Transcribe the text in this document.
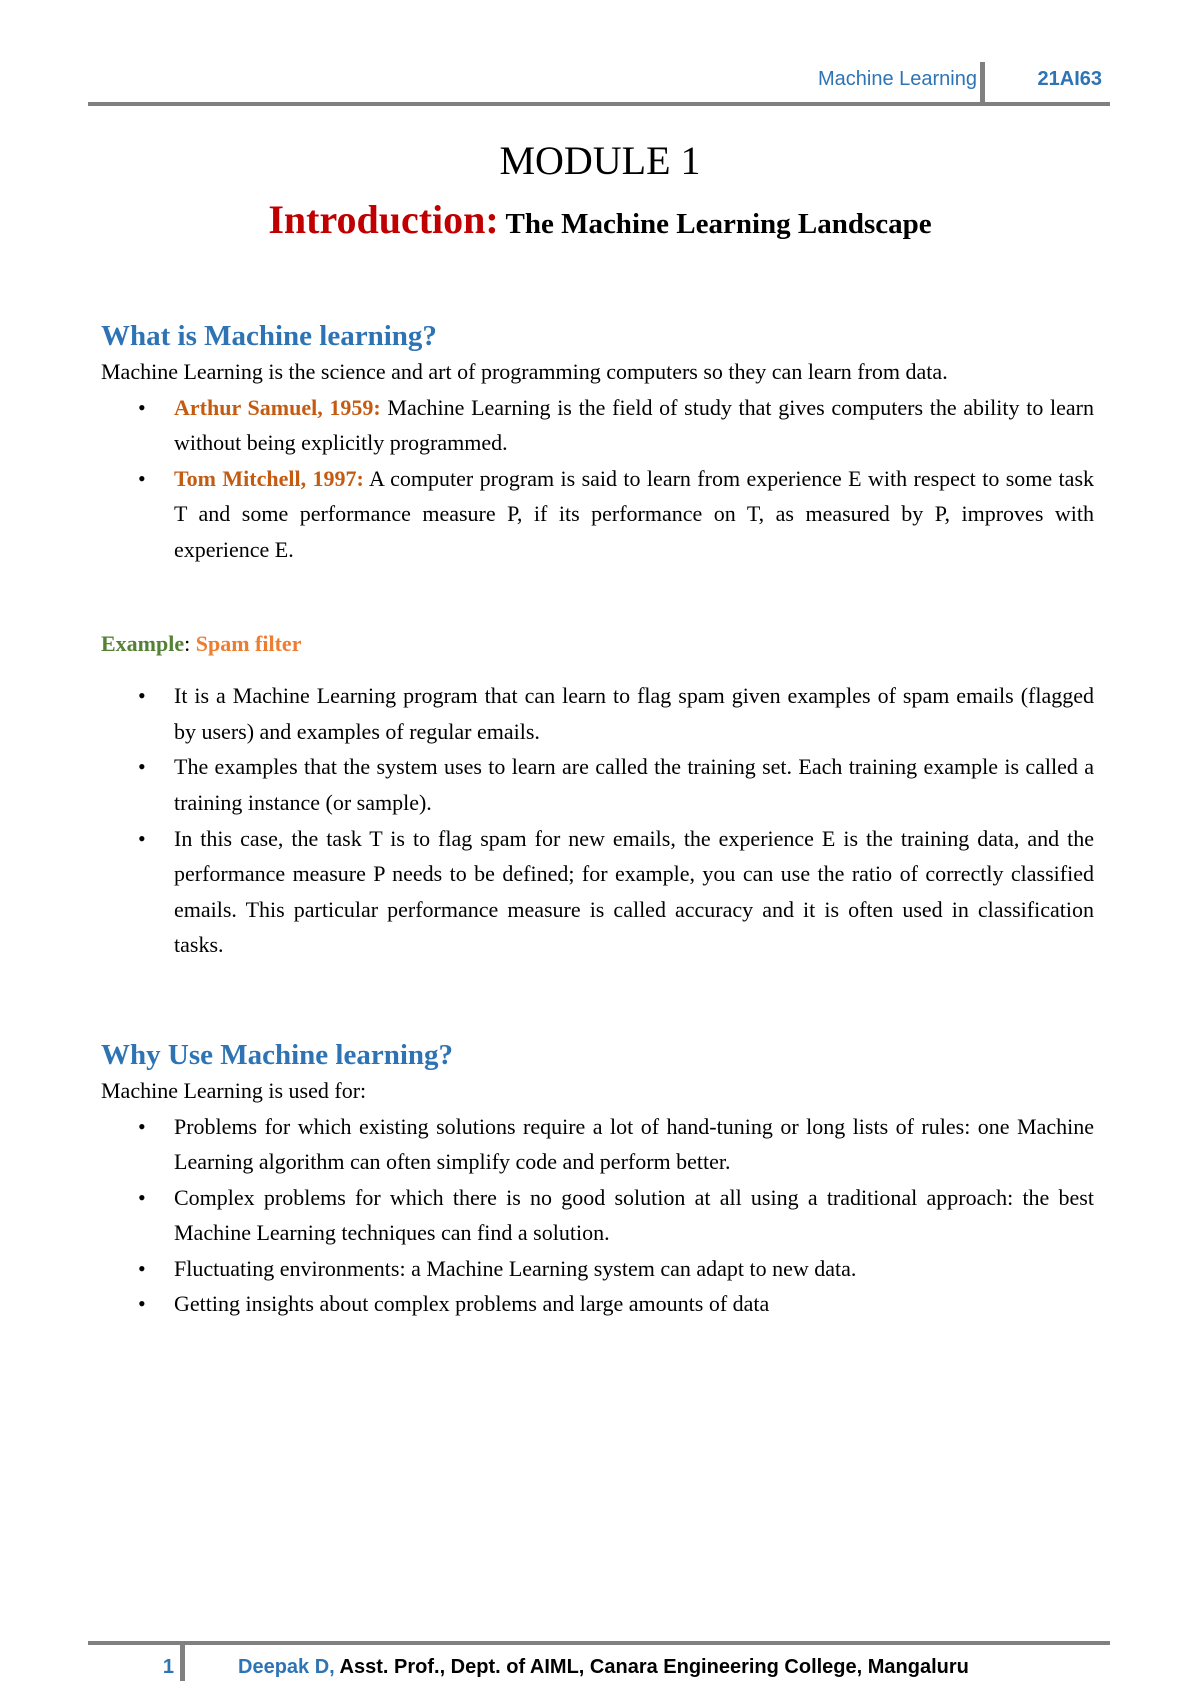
Machine Learning	21AI63
MODULE 1
Introduction: The Machine Learning Landscape
What is Machine learning?

Machine Learning is the science and art of programming computers so they can learn from data.

• Arthur Samuel, 1959: Machine Learning is the field of study that gives computers the ability to learn without being explicitly programmed.
• Tom Mitchell, 1997: A computer program is said to learn from experience E with respect to some task T and some performance measure P, if its performance on T, as measured by P, improves with experience E.

Example: Spam filter

• It is a Machine Learning program that can learn to flag spam given examples of spam emails (flagged by users) and examples of regular emails.
• The examples that the system uses to learn are called the training set. Each training example is called a training instance (or sample).
• In this case, the task T is to flag spam for new emails, the experience E is the training data, and the performance measure P needs to be defined; for example, you can use the ratio of correctly classified emails. This particular performance measure is called accuracy and it is often used in classification tasks.
Why Use Machine learning?

Machine Learning is used for:

• Problems for which existing solutions require a lot of hand-tuning or long lists of rules: one Machine Learning algorithm can often simplify code and perform better.
• Complex problems for which there is no good solution at all using a traditional approach: the best Machine Learning techniques can find a solution.
• Fluctuating environments: a Machine Learning system can adapt to new data.
• Getting insights about complex problems and large amounts of data
1	Deepak D, Asst. Prof., Dept. of AIML, Canara Engineering College, Mangaluru
